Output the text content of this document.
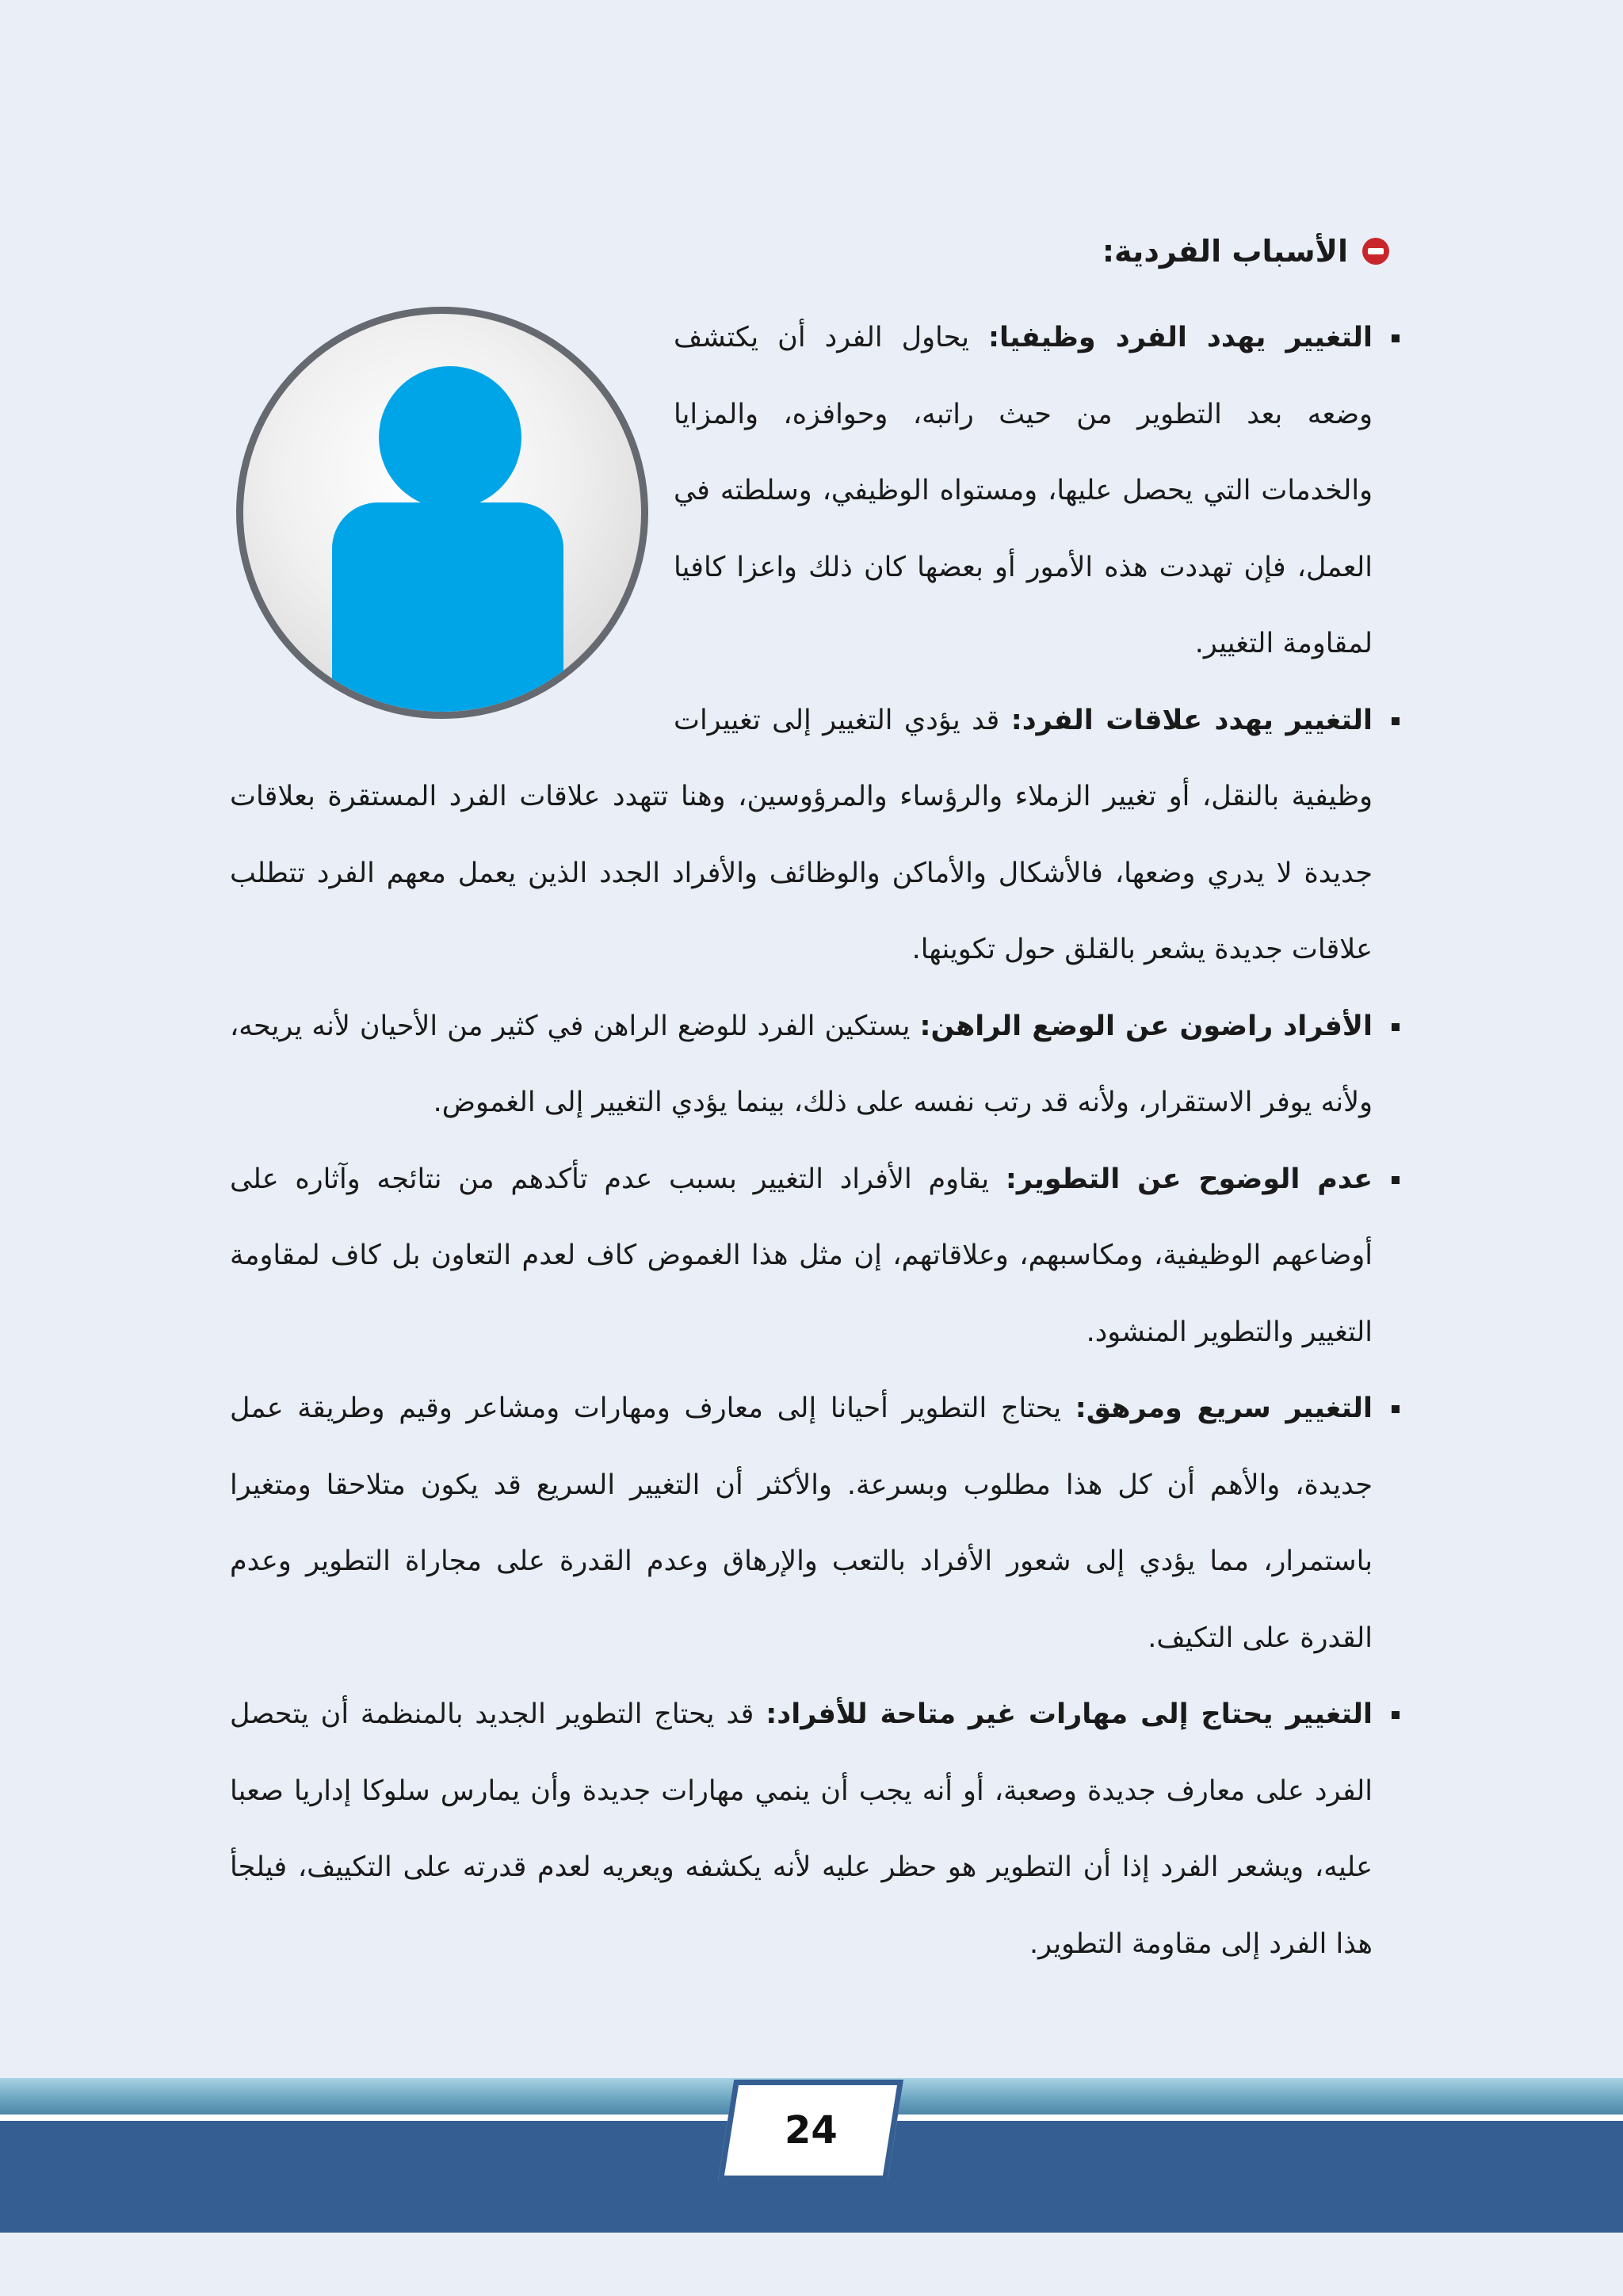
الأسباب الفردية:

التغيير يهدد الفرد وظيفيا: يحاول الفرد أن يكتشف وضعه بعد التطوير من حيث راتبه، وحوافزه، والمزايا والخدمات التي يحصل عليها، ومستواه الوظيفي، وسلطته في العمل، فإن تهددت هذه الأمور أو بعضها كان ذلك واعزا كافيا لمقاومة التغيير.

التغيير يهدد علاقات الفرد: قد يؤدي التغيير إلى تغييرات وظيفية بالنقل، أو تغيير الزملاء والرؤساء والمرؤوسين، وهنا تتهدد علاقات الفرد المستقرة بعلاقات جديدة لا يدري وضعها، فالأشكال والأماكن والوظائف والأفراد الجدد الذين يعمل معهم الفرد تتطلب علاقات جديدة يشعر بالقلق حول تكوينها.

الأفراد راضون عن الوضع الراهن: يستكين الفرد للوضع الراهن في كثير من الأحيان لأنه يريحه، ولأنه يوفر الاستقرار، ولأنه قد رتب نفسه على ذلك، بينما يؤدي التغيير إلى الغموض.

عدم الوضوح عن التطوير: يقاوم الأفراد التغيير بسبب عدم تأكدهم من نتائجه وآثاره على أوضاعهم الوظيفية، ومكاسبهم، وعلاقاتهم، إن مثل هذا الغموض كاف لعدم التعاون بل كاف لمقاومة التغيير والتطوير المنشود.

التغيير سريع ومرهق: يحتاج التطوير أحيانا إلى معارف ومهارات ومشاعر وقيم وطريقة عمل جديدة، والأهم أن كل هذا مطلوب وبسرعة. والأكثر أن التغيير السريع قد يكون متلاحقا ومتغيرا باستمرار، مما يؤدي إلى شعور الأفراد بالتعب والإرهاق وعدم القدرة على مجاراة التطوير وعدم القدرة على التكيف.

التغيير يحتاج إلى مهارات غير متاحة للأفراد: قد يحتاج التطوير الجديد بالمنظمة أن يتحصل الفرد على معارف جديدة وصعبة، أو أنه يجب أن ينمي مهارات جديدة وأن يمارس سلوكا إداريا صعبا عليه، ويشعر الفرد إذا أن التطوير هو حظر عليه لأنه يكشفه ويعريه لعدم قدرته على التكييف، فيلجأ هذا الفرد إلى مقاومة التطوير.

24
